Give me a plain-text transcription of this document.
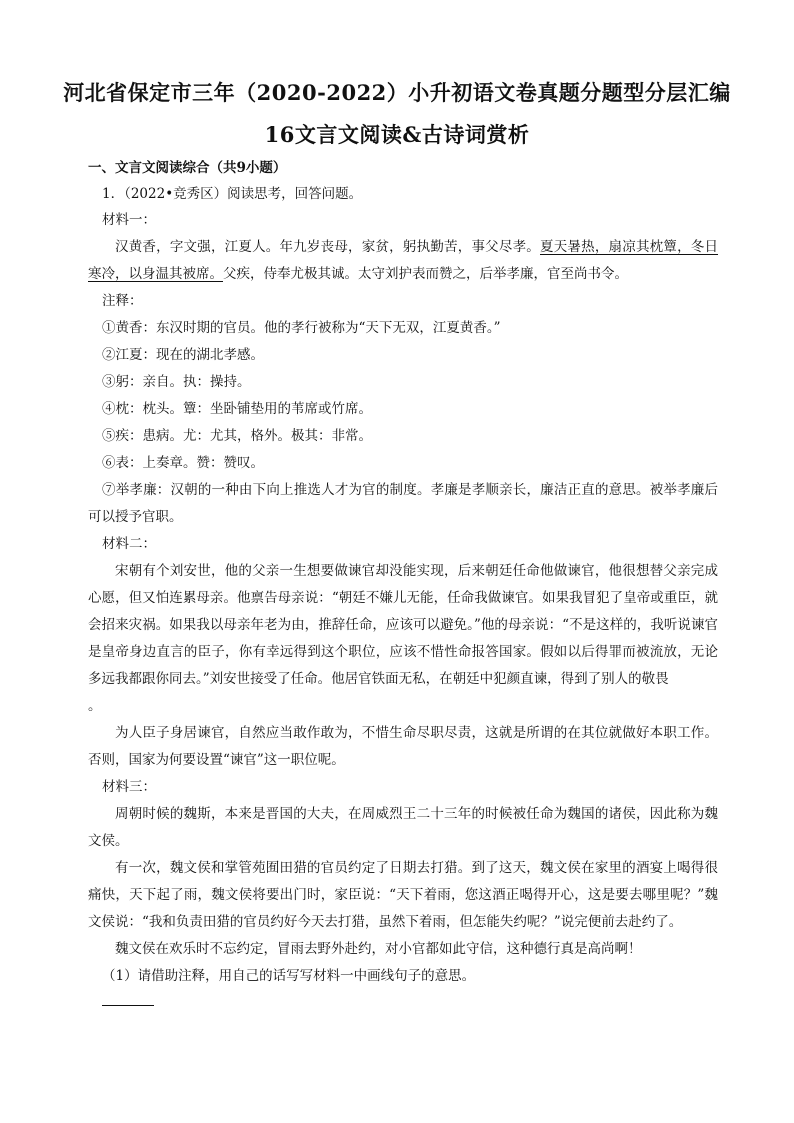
河北省保定市三年（2020-2022）小升初语文卷真题分题型分层汇编
16文言文阅读&古诗词赏析
一、文言文阅读综合（共9小题）

1．（2022•竞秀区）阅读思考，回答问题。

材料一：

汉黄香，字文强，江夏人。年九岁丧母，家贫，躬执勤苦，事父尽孝。夏天暑热，扇凉其枕簟，冬日寒冷，以身温其被席。父疾，侍奉尤极其诚。太守刘护表而赞之，后举孝廉，官至尚书令。

注释：

①黄香：东汉时期的官员。他的孝行被称为“天下无双，江夏黄香。”

②江夏：现在的湖北孝感。

③躬：亲自。执：操持。

④枕：枕头。簟：坐卧铺垫用的苇席或竹席。

⑤疾：患病。尤：尤其，格外。极其：非常。

⑥表：上奏章。赞：赞叹。

⑦举孝廉：汉朝的一种由下向上推选人才为官的制度。孝廉是孝顺亲长，廉洁正直的意思。被举孝廉后可以授予官职。

材料二：

宋朝有个刘安世，他的父亲一生想要做谏官却没能实现，后来朝廷任命他做谏官，他很想替父亲完成心愿，但又怕连累母亲。他禀告母亲说：“朝廷不嫌儿无能，任命我做谏官。如果我冒犯了皇帝或重臣，就会招来灾祸。如果我以母亲年老为由，推辞任命，应该可以避免。”他的母亲说：“不是这样的，我听说谏官是皇帝身边直言的臣子，你有幸远得到这个职位，应该不惜性命报答国家。假如以后得罪而被流放，无论多远我都跟你同去。”刘安世接受了任命。他居官铁面无私，在朝廷中犯颜直谏，得到了别人的敬畏

。

为人臣子身居谏官，自然应当敢作敢为，不惜生命尽职尽责，这就是所谓的在其位就做好本职工作。否则，国家为何要设置“谏官”这一职位呢。

材料三：

周朝时候的魏斯，本来是晋国的大夫，在周威烈王二十三年的时候被任命为魏国的诸侯，因此称为魏文侯。

有一次，魏文侯和掌管苑囿田猎的官员约定了日期去打猎。到了这天，魏文侯在家里的酒宴上喝得很痛快，天下起了雨，魏文侯将要出门时，家臣说：“天下着雨，您这酒正喝得开心，这是要去哪里呢？”魏文侯说：“我和负责田猎的官员约好今天去打猎，虽然下着雨，但怎能失约呢？”说完便前去赴约了。

魏文侯在欢乐时不忘约定，冒雨去野外赴约，对小官都如此守信，这种德行真是高尚啊！

（1）请借助注释，用自己的话写写材料一中画线句子的意思。
